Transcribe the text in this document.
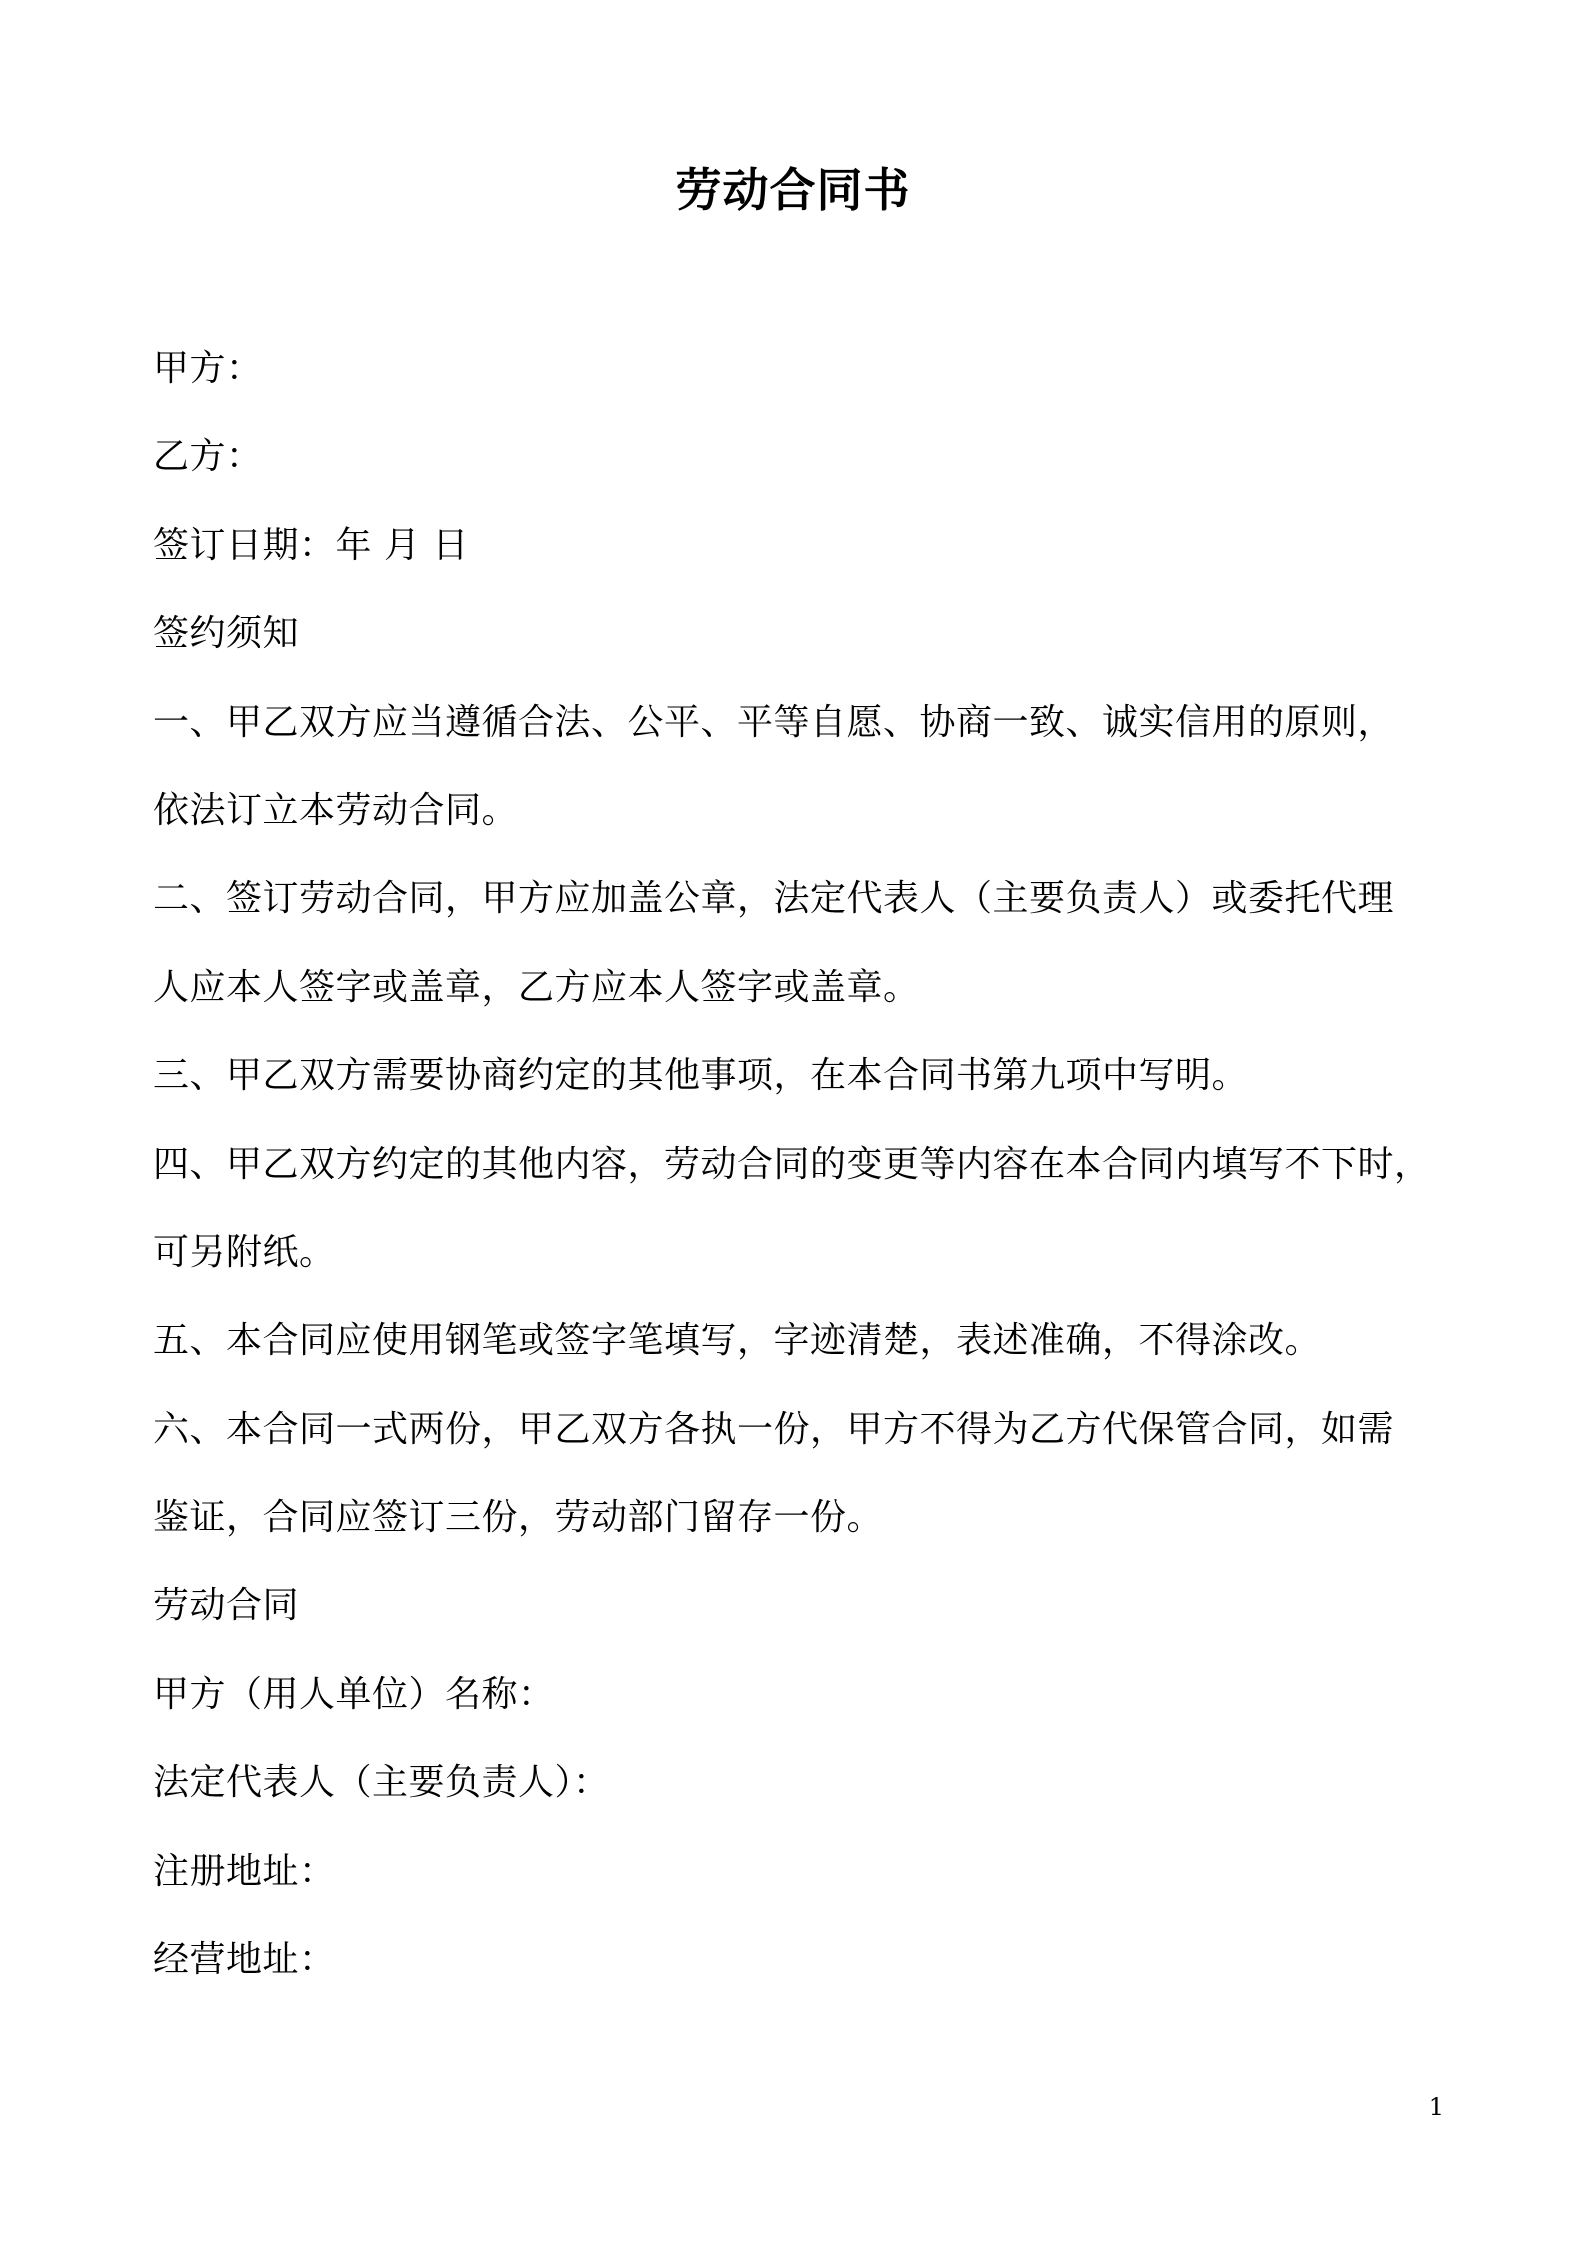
劳动合同书
甲方：
乙方：
签订日期：年 月 日
签约须知
一、甲乙双方应当遵循合法、公平、平等自愿、协商一致、诚实信用的原则，
依法订立本劳动合同。
二、签订劳动合同，甲方应加盖公章，法定代表人（主要负责人）或委托代理
人应本人签字或盖章，乙方应本人签字或盖章。
三、甲乙双方需要协商约定的其他事项，在本合同书第九项中写明。
四、甲乙双方约定的其他内容，劳动合同的变更等内容在本合同内填写不下时，
可另附纸。
五、本合同应使用钢笔或签字笔填写，字迹清楚，表述准确，不得涂改。
六、本合同一式两份，甲乙双方各执一份，甲方不得为乙方代保管合同，如需
鉴证，合同应签订三份，劳动部门留存一份。
劳动合同
甲方（用人单位）名称：
法定代表人（主要负责人）：
注册地址：
经营地址：
1
